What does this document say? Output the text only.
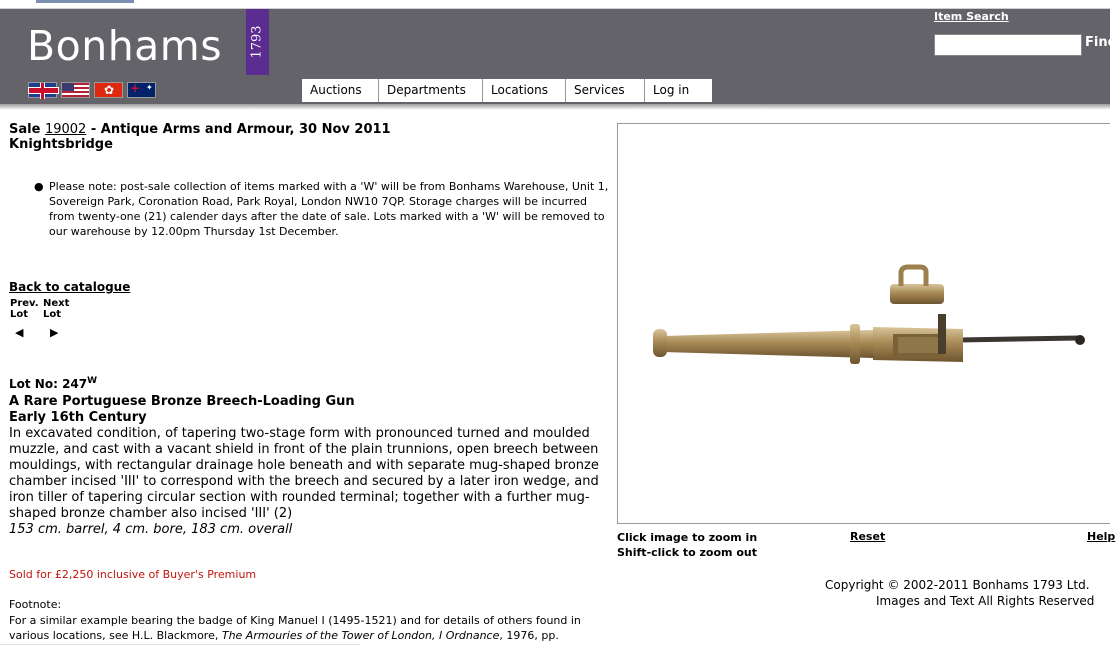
Bonhams 1793
✿
✦ +
Auctions	Departments	Locations	Services	Log in
Item Search
Find
Sale 19002 - Antique Arms and Armour, 30 Nov 2011
Knightsbridge
● Please note: post-sale collection of items marked with a 'W' will be from Bonhams Warehouse, Unit 1, Sovereign Park, Coronation Road, Park Royal, London NW10 7QP. Storage charges will be incurred from twenty-one (21) calender days after the date of sale. Lots marked with a 'W' will be removed to our warehouse by 12.00pm Thursday 1st December.
Back to catalogue
Prev. Lot
◀
Next Lot
▶
Lot No: $247^W$
A Rare Portuguese Bronze Breech-Loading Gun
Early 16th Century
In excavated condition, of tapering two-stage form with pronounced turned and moulded muzzle, and cast with a vacant shield in front of the plain trunnions, open breech between mouldings, with rectangular drainage hole beneath and with separate mug-shaped bronze chamber incised 'III' to correspond with the breech and secured by a later iron wedge, and iron tiller of tapering circular section with rounded terminal; together with a further mug-shaped bronze chamber also incised 'III' (2)
153 cm. barrel, 4 cm. bore, 183 cm. overall
Sold for £2,250 inclusive of Buyer's Premium
Footnote:
For a similar example bearing the badge of King Manuel I (1495-1521) and for details of others found in various locations, see H.L. Blackmore, The Armouries of the Tower of London, I Ordnance, 1976, pp.
Click image to zoom in
Shift-click to zoom out
Reset	Help
Copyright © 2002-2011 Bonhams 1793 Ltd.
Images and Text All Rights Reserved
